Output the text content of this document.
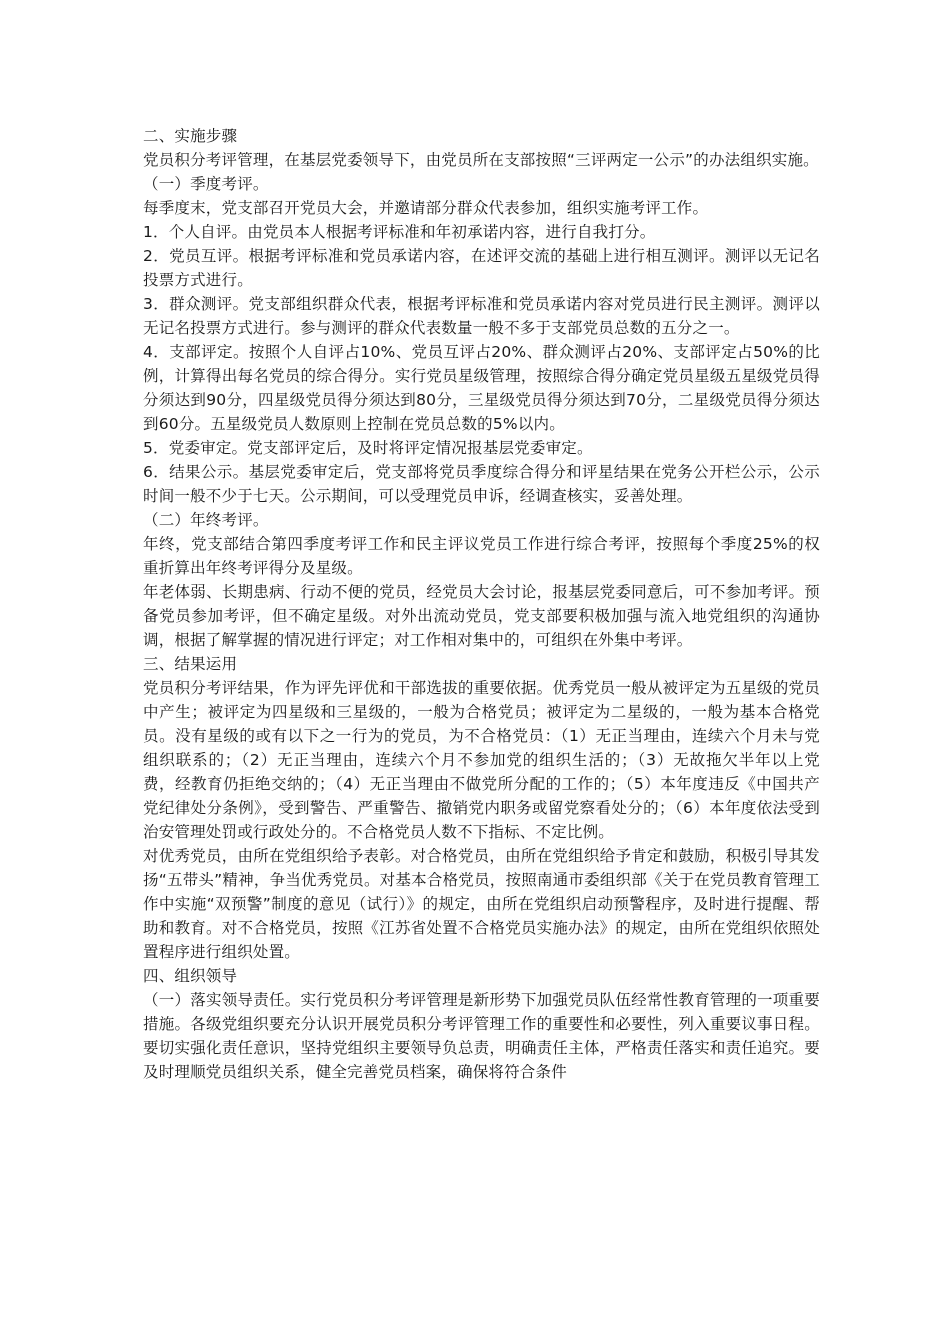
二、实施步骤

党员积分考评管理，在基层党委领导下，由党员所在支部按照“三评两定一公示”的办法组织实施。

（一）季度考评。

每季度末，党支部召开党员大会，并邀请部分群众代表参加，组织实施考评工作。

1．个人自评。由党员本人根据考评标准和年初承诺内容，进行自我打分。

2．党员互评。根据考评标准和党员承诺内容，在述评交流的基础上进行相互测评。测评以无记名投票方式进行。

3．群众测评。党支部组织群众代表，根据考评标准和党员承诺内容对党员进行民主测评。测评以无记名投票方式进行。参与测评的群众代表数量一般不多于支部党员总数的五分之一。

4．支部评定。按照个人自评占10%、党员互评占20%、群众测评占20%、支部评定占50%的比例，计算得出每名党员的综合得分。实行党员星级管理，按照综合得分确定党员星级五星级党员得分须达到90分，四星级党员得分须达到80分，三星级党员得分须达到70分，二星级党员得分须达到60分。五星级党员人数原则上控制在党员总数的5%以内。

5．党委审定。党支部评定后，及时将评定情况报基层党委审定。

6．结果公示。基层党委审定后，党支部将党员季度综合得分和评星结果在党务公开栏公示，公示时间一般不少于七天。公示期间，可以受理党员申诉，经调查核实，妥善处理。

（二）年终考评。

年终，党支部结合第四季度考评工作和民主评议党员工作进行综合考评，按照每个季度25%的权重折算出年终考评得分及星级。

年老体弱、长期患病、行动不便的党员，经党员大会讨论，报基层党委同意后，可不参加考评。预备党员参加考评，但不确定星级。对外出流动党员，党支部要积极加强与流入地党组织的沟通协调，根据了解掌握的情况进行评定；对工作相对集中的，可组织在外集中考评。

三、结果运用

党员积分考评结果，作为评先评优和干部选拔的重要依据。优秀党员一般从被评定为五星级的党员中产生；被评定为四星级和三星级的，一般为合格党员；被评定为二星级的，一般为基本合格党员。没有星级的或有以下之一行为的党员，为不合格党员：（1）无正当理由，连续六个月未与党组织联系的；（2）无正当理由，连续六个月不参加党的组织生活的；（3）无故拖欠半年以上党费，经教育仍拒绝交纳的；（4）无正当理由不做党所分配的工作的；（5）本年度违反《中国共产党纪律处分条例》，受到警告、严重警告、撤销党内职务或留党察看处分的；（6）本年度依法受到治安管理处罚或行政处分的。不合格党员人数不下指标、不定比例。

对优秀党员，由所在党组织给予表彰。对合格党员，由所在党组织给予肯定和鼓励，积极引导其发扬“五带头”精神，争当优秀党员。对基本合格党员，按照南通市委组织部《关于在党员教育管理工作中实施“双预警”制度的意见（试行）》的规定，由所在党组织启动预警程序，及时进行提醒、帮助和教育。对不合格党员，按照《江苏省处置不合格党员实施办法》的规定，由所在党组织依照处置程序进行组织处置。

四、组织领导

（一）落实领导责任。实行党员积分考评管理是新形势下加强党员队伍经常性教育管理的一项重要措施。各级党组织要充分认识开展党员积分考评管理工作的重要性和必要性，列入重要议事日程。要切实强化责任意识，坚持党组织主要领导负总责，明确责任主体，严格责任落实和责任追究。要及时理顺党员组织关系，健全完善党员档案，确保将符合条件
